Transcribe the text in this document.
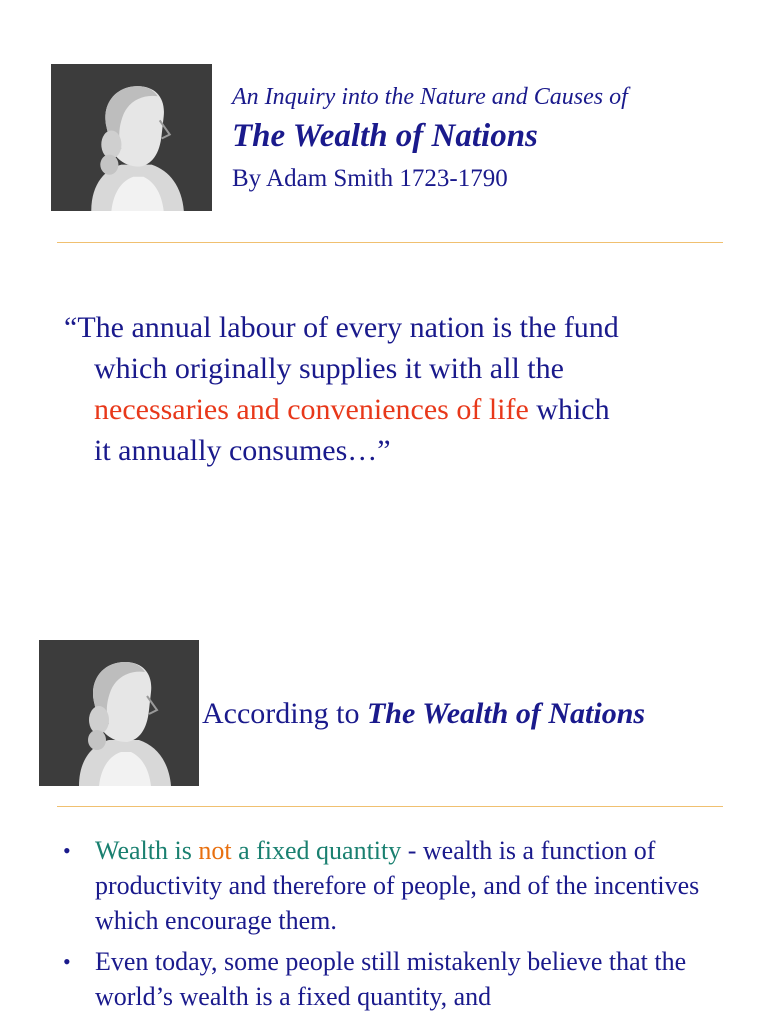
An Inquiry into the Nature and Causes of
The Wealth of Nations
By Adam Smith 1723-1790
“The annual labour of every nation is the fund
which originally supplies it with all the
necessaries and conveniences of life which
it annually consumes…”
According to The Wealth of Nations
• Wealth is not a fixed quantity - wealth is a function of productivity and therefore of people, and of the incentives which encourage them.
• Even today, some people still mistakenly believe that the world’s wealth is a fixed quantity, and
